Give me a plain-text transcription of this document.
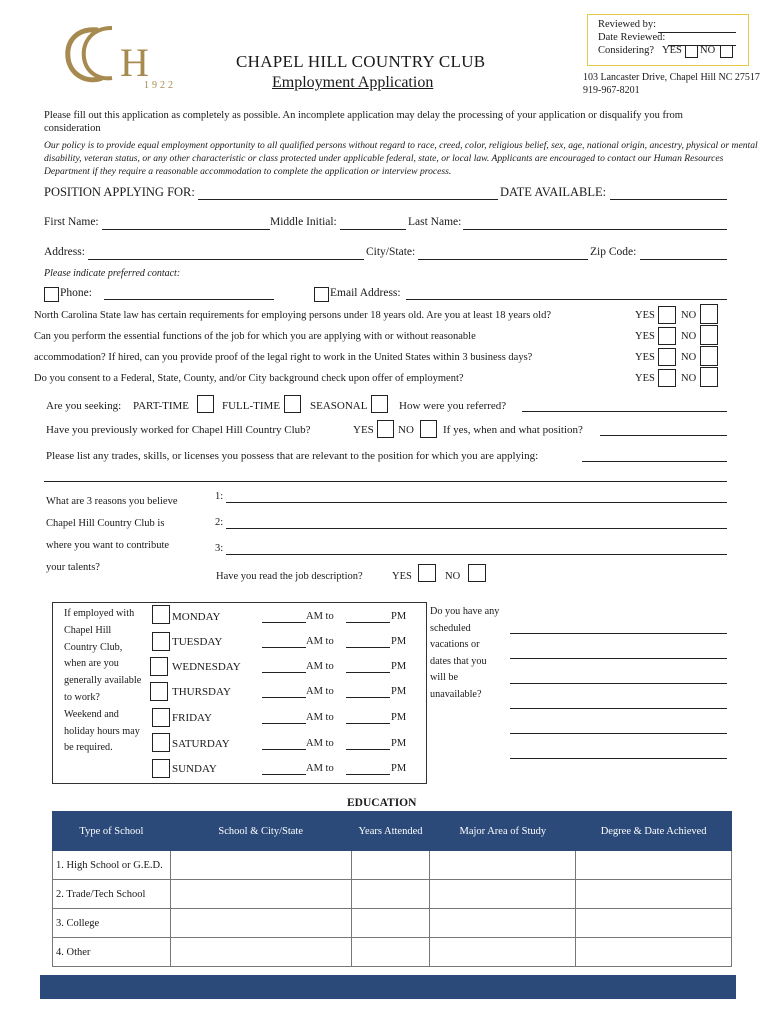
H
1922
CHAPEL HILL COUNTRY CLUB
Employment Application
Reviewed by:
Date Reviewed:
Considering? YES NO
103 Lancaster Drive, Chapel Hill NC 27517
919-967-8201
Please fill out this application as completely as possible. An incomplete application may delay the processing of your application or disqualify you from consideration
Our policy is to provide equal employment opportunity to all qualified persons without regard to race, creed, color, religious belief, sex, age, national origin, ancestry, physical or mental
disability, veteran status, or any other characteristic or class protected under applicable federal, state, or local law. Applicants are encouraged to contact our Human Resources
Department if they require a reasonable accommodation to complete the application or interview process.
POSITION APPLYING FOR:	DATE AVAILABLE:
First Name:	Middle Initial:	Last Name:
Address:	City/State:	Zip Code:
Please indicate preferred contact:
Phone:	Email Address:
North Carolina State law has certain requirements for employing persons under 18 years old. Are you at least 18 years old?	YES NO
Can you perform the essential functions of the job for which you are applying with or without reasonable	YES NO
accommodation? If hired, can you provide proof of the legal right to work in the United States within 3 business days?	YES NO
Do you consent to a Federal, State, County, and/or City background check upon offer of employment?	YES NO
Are you seeking: PART-TIME	FULL-TIME	SEASONAL	How were you referred?
Have you previously worked for Chapel Hill Country Club?	YES NO	If yes, when and what position?
Please list any trades, skills, or licenses you possess that are relevant to the position for which you are applying:
What are 3 reasons you believe
Chapel Hill Country Club is
where you want to contribute
your talents?
1:
2:
3:
Have you read the job description?	YES	NO
If employed with
Chapel Hill
Country Club,
when are you
generally available
to work?
Weekend and
holiday hours may
be required.
MONDAY	AM to	PM
TUESDAY	AM to	PM
WEDNESDAY	AM to	PM
THURSDAY	AM to	PM
FRIDAY	AM to	PM
SATURDAY	AM to	PM
SUNDAY	AM to	PM
Do you have any
scheduled
vacations or
dates that you
will be
unavailable?
EDUCATION
Type of School	School & City/State	Years Attended	Major Area of Study	Degree & Date Achieved
1. High School or G.E.D.				
2. Trade/Tech School				
3. College				
4. Other				
